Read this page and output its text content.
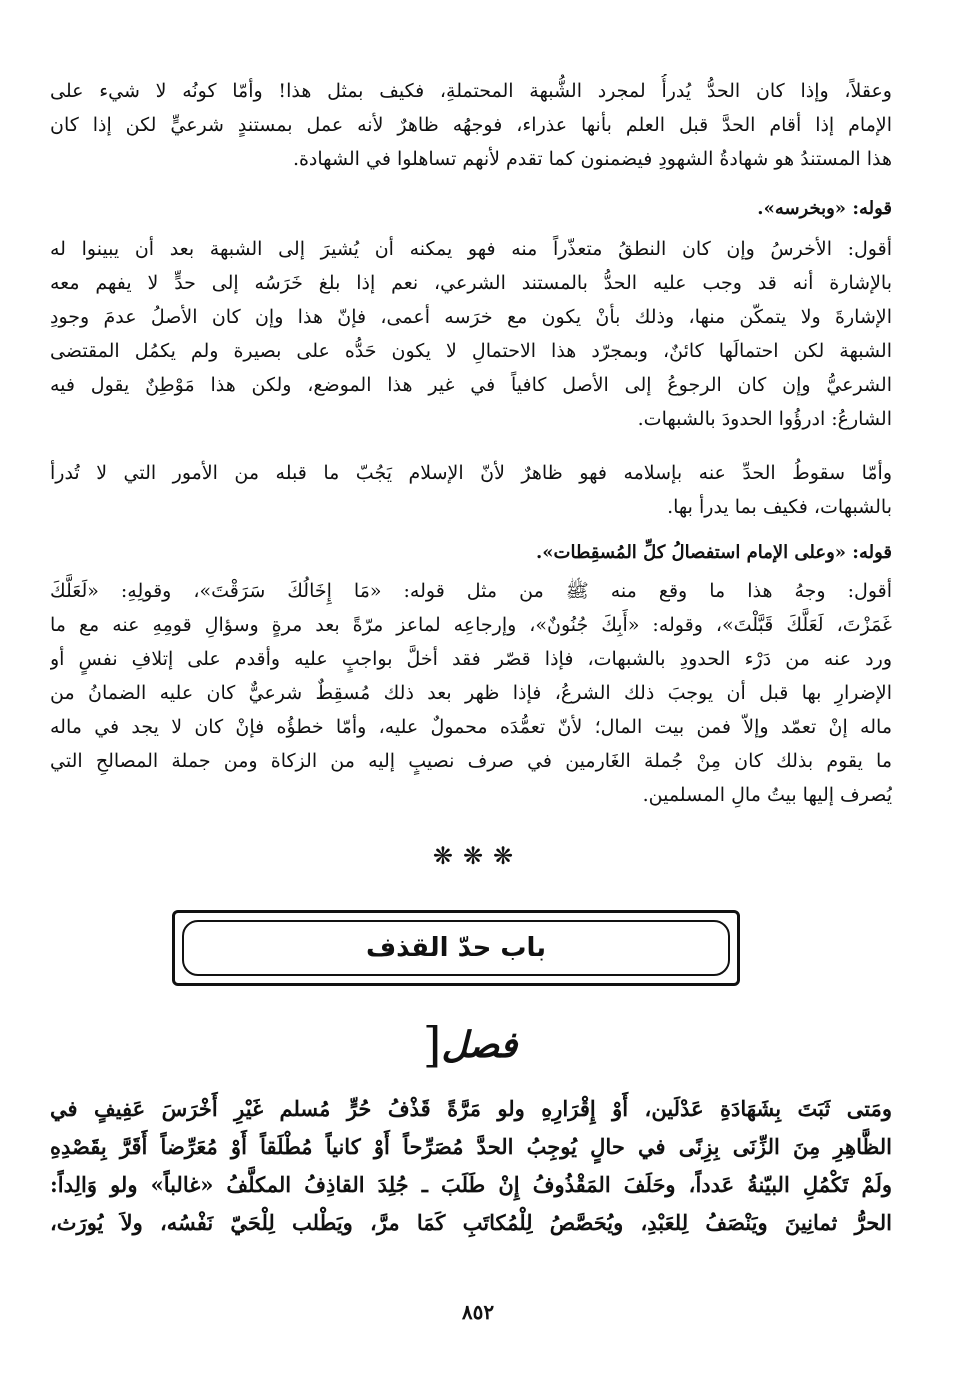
وعقلاً، وإذا كان الحدُّ يُدرأُ لمجرد الشُّبهة المحتملةِ، فكيف بمثل هذا! وأمّا كونُه لا شيء على
الإمام إذا أقام الحدَّ قبل العلم بأنها عذراء، فوجهُه ظاهرٌ لأنه عمل بمستندٍ شرعيٍّ لكن إذا كان
هذا المستندُ هو شهادةُ الشهودِ فيضمنون كما تقدم لأنهم تساهلوا في الشهادة.
قوله: «وبخرسه».
أقول: الأخرسُ وإن كان النطقُ متعذّراً منه فهو يمكنه أن يُشيرَ إلى الشبهة بعد أن يبينوا له
بالإشارة أنه قد وجب عليه الحدُّ بالمستند الشرعي، نعم إذا بلغ خَرَسُه إلى حدٍّ لا يفهم معه
الإشارةَ ولا يتمكّن منها، وذلك بأنْ يكون مع خرَسه أعمى، فإنّ هذا وإن كان الأصلُ عدمَ وجودِ
الشبهة لكن احتمالَها كائنٌ، وبمجرّد هذا الاحتمالِ لا يكون حَدُّه على بصيرة ولم يكمُل المقتضى
الشرعيُّ وإن كان الرجوعُ إلى الأصل كافياً في غير هذا الموضع، ولكن هذا مَوْطِنٌ يقول فيه
الشارعُ: ادرؤُوا الحدودَ بالشبهات.
وأمّا سقوطُ الحدِّ عنه بإسلامه فهو ظاهرٌ لأنّ الإسلام يَجُبّ ما قبله من الأمور التي لا تُدرأ
بالشبهات، فكيف بما يدرأ بها.
قوله: «وعلى الإمام استفصالُ كلِّ المُسقِطات».
أقول: وجهُ هذا ما وقع منه ﷺ من مثل قوله: «مَا إِخَالُكَ سَرَقْتَ»، وقولِهِ: «لَعَلَّكَ
غَمَزْتَ، لَعَلَّكَ قَبَّلْتَ»، وقوله: «أَبِكَ جُنُونٌ»، وإرجاعِه لماعز مرّةً بعد مرةٍ وسؤالِ قومِهِ عنه مع ما
ورد عنه من دَرْء الحدودِ بالشبهات، فإذا قصّر فقد أخلَّ بواجبٍ عليه وأقدم على إتلافِ نفسٍ أو
الإضرارِ بها قبل أن يوجبَ ذلك الشرعُ، فإذا ظهر بعد ذلك مُسقِطٌ شرعيٌّ كان عليه الضمانُ من
ماله إنْ تعمّد وإلاّ فمن بيت المال؛ لأنّ تعمُّدَه محمولٌ عليه، وأمّا خطؤُه فإنْ كان لا يجد في ماله
ما يقوم بذلك كان مِنْ جُملة الغَارمين في صرف نصيبٍ إليه من الزكاة ومن جملة المصالحِ التي
يُصرف إليها بيتُ مالِ المسلمين.
❋❋❋
باب حدّ القذف
فصل
[
ومَتى ثَبَتَ بِشَهَادَةِ عَدْلَين، أَوْ إِقْرَارِهِ ولو مَرَّةً قَذْفُ حُرٍّ مُسلم غَيْرِ أَخْرَسَ عَفِيفٍ في
الظَّاهِرِ مِنَ الزِّنَى بِزِنًى في حالٍ يُوجِبُ الحدَّ مُصَرِّحاً أَوْ كانياً مُطْلَقاً أَوْ مُعَرِّضاً أَقَرَّ بِقَصْدِهِ
ولَمْ تَكْمُلِ البيّنةُ عَدداً، وحَلَفَ المَقْذُوفُ إِنْ طَلَبَ ـ جُلِدَ القاذِفُ المكلَّفُ «غالباً» ولو وَالِداً:
الحرُّ ثمانِينَ ويَنْصَفُ لِلعَبْدِ، ويُحَصَّصُ لِلْمُكاتَبِ كَمَا مرَّ، ويَطْلب لِلْحَيّ نَفْسُه، ولاَ يُورَث،
٨٥٢
